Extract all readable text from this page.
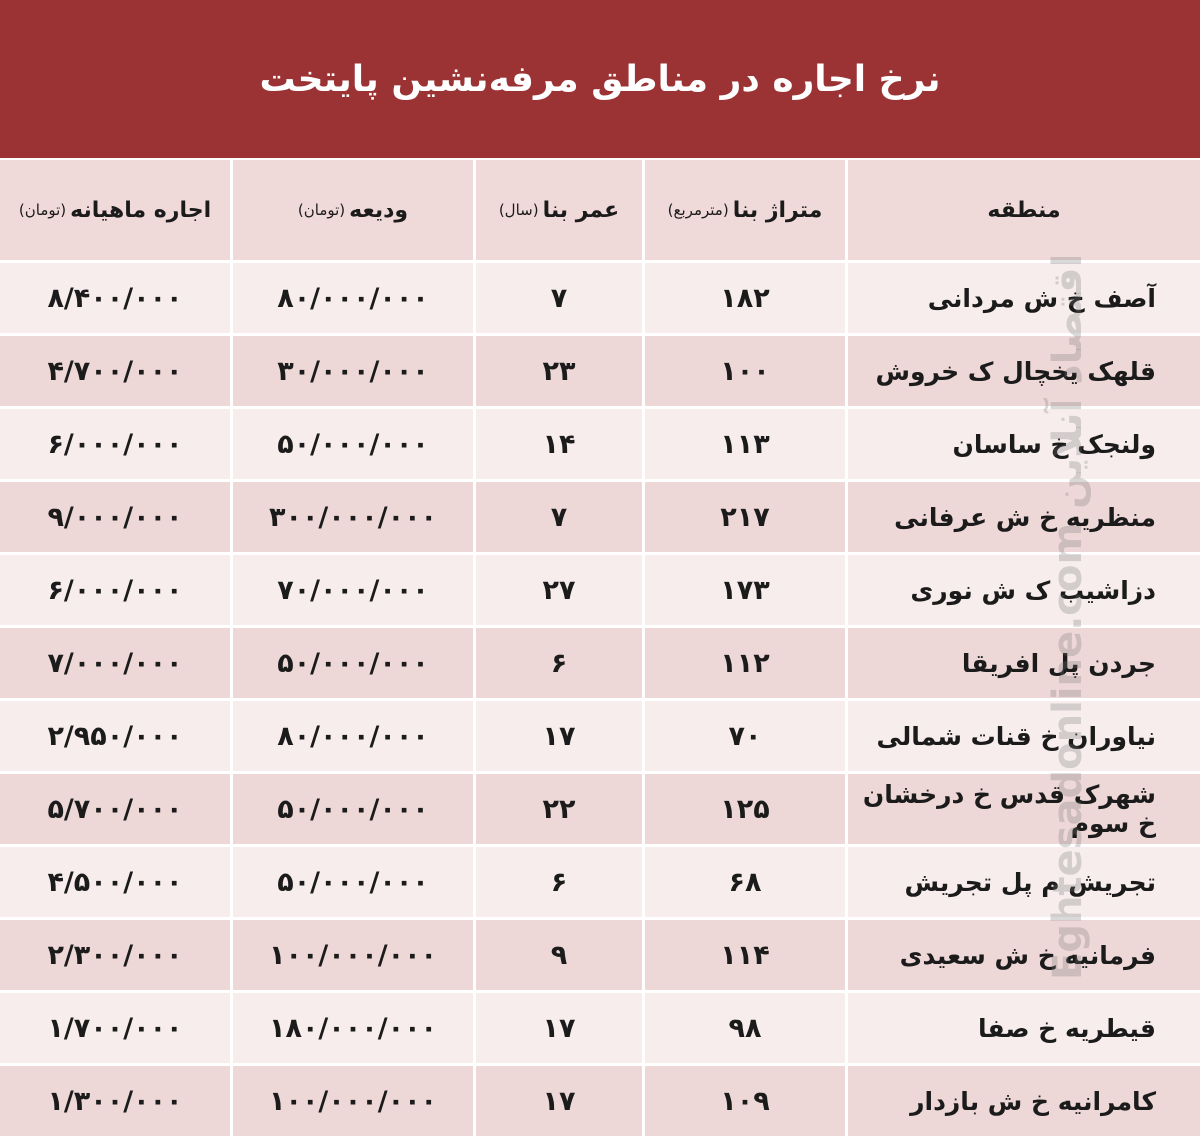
نرخ اجاره در مناطق مرفه‌نشین پایتخت
منطقه
متراژ بنا
(مترمربع)
عمر بنا
(سال)
ودیعه
(تومان)
اجاره ماهیانه
(تومان)
آصف خ ش مردانی
۱۸۲
۷
۸۰/۰۰۰/۰۰۰
۸/۴۰۰/۰۰۰
قلهک یخچال ک خروش
۱۰۰
۲۳
۳۰/۰۰۰/۰۰۰
۴/۷۰۰/۰۰۰
ولنجک خ ساسان
۱۱۳
۱۴
۵۰/۰۰۰/۰۰۰
۶/۰۰۰/۰۰۰
منظریه خ ش عرفانی
۲۱۷
۷
۳۰۰/۰۰۰/۰۰۰
۹/۰۰۰/۰۰۰
دزاشیب ک ش نوری
۱۷۳
۲۷
۷۰/۰۰۰/۰۰۰
۶/۰۰۰/۰۰۰
جردن پل افریقا
۱۱۲
۶
۵۰/۰۰۰/۰۰۰
۷/۰۰۰/۰۰۰
نیاوران خ قنات شمالی
۷۰
۱۷
۸۰/۰۰۰/۰۰۰
۲/۹۵۰/۰۰۰
شهرک قدس خ درخشان خ سوم
۱۲۵
۲۲
۵۰/۰۰۰/۰۰۰
۵/۷۰۰/۰۰۰
تجریش م پل تجریش
۶۸
۶
۵۰/۰۰۰/۰۰۰
۴/۵۰۰/۰۰۰
فرمانیه خ ش سعیدی
۱۱۴
۹
۱۰۰/۰۰۰/۰۰۰
۲/۳۰۰/۰۰۰
قیطریه خ صفا
۹۸
۱۷
۱۸۰/۰۰۰/۰۰۰
۱/۷۰۰/۰۰۰
کامرانیه خ ش بازدار
۱۰۹
۱۷
۱۰۰/۰۰۰/۰۰۰
۱/۳۰۰/۰۰۰
Eghtesadonline.com اقتصاد آنلاین
